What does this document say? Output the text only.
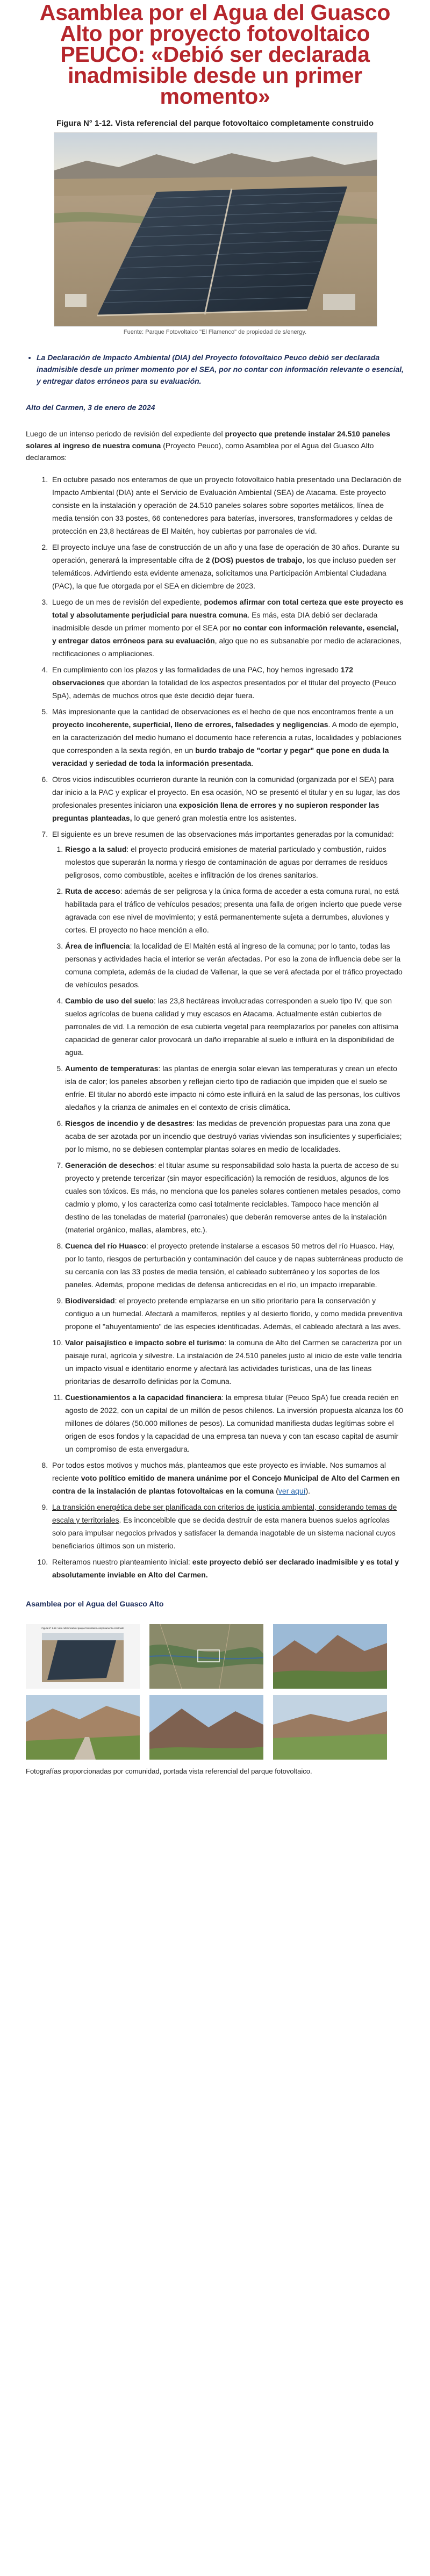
Asamblea por el Agua del Guasco Alto por proyecto fotovoltaico PEUCO: «Debió ser declarada inadmisible desde un primer momento»
Figura N° 1-12. Vista referencial del parque fotovoltaico completamente construido
Fuente: Parque Fotovoltaico "El Flamenco" de propiedad de s/energy.
• La Declaración de Impacto Ambiental (DIA) del Proyecto fotovoltaico Peuco debió ser declarada inadmisible desde un primer momento por el SEA, por no contar con información relevante o esencial, y entregar datos erróneos para su evaluación.
Alto del Carmen, 3 de enero de 2024

Luego de un intenso periodo de revisión del expediente del proyecto que pretende instalar 24.510 paneles solares al ingreso de nuestra comuna (Proyecto Peuco), como Asamblea por el Agua del Guasco Alto declaramos:

1. En octubre pasado nos enteramos de que un proyecto fotovoltaico había presentado una Declaración de Impacto Ambiental (DIA) ante el Servicio de Evaluación Ambiental (SEA) de Atacama. Este proyecto consiste en la instalación y operación de 24.510 paneles solares sobre soportes metálicos, línea de media tensión con 33 postes, 66 contenedores para baterías, inversores, transformadores y celdas de protección en 23,8 hectáreas de El Maitén, hoy cubiertas por parronales de vid.
2. El proyecto incluye una fase de construcción de un año y una fase de operación de 30 años. Durante su operación, generará la impresentable cifra de 2 (DOS) puestos de trabajo, los que incluso pueden ser telemáticos. Advirtiendo esta evidente amenaza, solicitamos una Participación Ambiental Ciudadana (PAC), la que fue otorgada por el SEA en diciembre de 2023.
3. Luego de un mes de revisión del expediente, podemos afirmar con total certeza que este proyecto es total y absolutamente perjudicial para nuestra comuna. Es más, esta DIA debió ser declarada inadmisible desde un primer momento por el SEA por no contar con información relevante, esencial, y entregar datos erróneos para su evaluación, algo que no es subsanable por medio de aclaraciones, rectificaciones o ampliaciones.
4. En cumplimiento con los plazos y las formalidades de una PAC, hoy hemos ingresado 172 observaciones que abordan la totalidad de los aspectos presentados por el titular del proyecto (Peuco SpA), además de muchos otros que éste decidió dejar fuera.
5. Más impresionante que la cantidad de observaciones es el hecho de que nos encontramos frente a un proyecto incoherente, superficial, lleno de errores, falsedades y negligencias. A modo de ejemplo, en la caracterización del medio humano el documento hace referencia a rutas, localidades y poblaciones que corresponden a la sexta región, en un burdo trabajo de "cortar y pegar" que pone en duda la veracidad y seriedad de toda la información presentada.
6. Otros vicios indiscutibles ocurrieron durante la reunión con la comunidad (organizada por el SEA) para dar inicio a la PAC y explicar el proyecto. En esa ocasión, NO se presentó el titular y en su lugar, las dos profesionales presentes iniciaron una exposición llena de errores y no supieron responder las preguntas planteadas, lo que generó gran molestia entre los asistentes.
7. El siguiente es un breve resumen de las observaciones más importantes generadas por la comunidad:
1. Riesgo a la salud: el proyecto producirá emisiones de material particulado y combustión, ruidos molestos que superarán la norma y riesgo de contaminación de aguas por derrames de residuos peligrosos, como combustible, aceites e infiltración de los drenes sanitarios.
2. Ruta de acceso: además de ser peligrosa y la única forma de acceder a esta comuna rural, no está habilitada para el tráfico de vehículos pesados; presenta una falla de origen incierto que puede verse agravada con ese nivel de movimiento; y está permanentemente sujeta a derrumbes, aluviones y cortes. El proyecto no hace mención a ello.
3. Área de influencia: la localidad de El Maitén está al ingreso de la comuna; por lo tanto, todas las personas y actividades hacia el interior se verán afectadas. Por eso la zona de influencia debe ser la comuna completa, además de la ciudad de Vallenar, la que se verá afectada por el tráfico proyectado de vehículos pesados.
4. Cambio de uso del suelo: las 23,8 hectáreas involucradas corresponden a suelo tipo IV, que son suelos agrícolas de buena calidad y muy escasos en Atacama. Actualmente están cubiertos de parronales de vid. La remoción de esa cubierta vegetal para reemplazarlos por paneles con altísima capacidad de generar calor provocará un daño irreparable al suelo e influirá en la disponibilidad de agua.
5. Aumento de temperaturas: las plantas de energía solar elevan las temperaturas y crean un efecto isla de calor; los paneles absorben y reflejan cierto tipo de radiación que impiden que el suelo se enfríe. El titular no abordó este impacto ni cómo este influirá en la salud de las personas, los cultivos aledaños y la crianza de animales en el contexto de crisis climática.
6. Riesgos de incendio y de desastres: las medidas de prevención propuestas para una zona que acaba de ser azotada por un incendio que destruyó varias viviendas son insuficientes y superficiales; por lo mismo, no se debiesen contemplar plantas solares en medio de localidades.
7. Generación de desechos: el titular asume su responsabilidad solo hasta la puerta de acceso de su proyecto y pretende tercerizar (sin mayor especificación) la remoción de residuos, algunos de los cuales son tóxicos. Es más, no menciona que los paneles solares contienen metales pesados, como cadmio y plomo, y los caracteriza como casi totalmente reciclables. Tampoco hace mención al destino de las toneladas de material (parronales) que deberán removerse antes de la instalación (material orgánico, mallas, alambres, etc.).
8. Cuenca del río Huasco: el proyecto pretende instalarse a escasos 50 metros del río Huasco. Hay, por lo tanto, riesgos de perturbación y contaminación del cauce y de napas subterráneas producto de su cercanía con las 33 postes de media tensión, el cableado subterráneo y los soportes de los paneles. Además, propone medidas de defensa anticrecidas en el río, un impacto irreparable.
9. Biodiversidad: el proyecto pretende emplazarse en un sitio prioritario para la conservación y contiguo a un humedal. Afectará a mamíferos, reptiles y al desierto florido, y como medida preventiva propone el "ahuyentamiento" de las especies identificadas. Además, el cableado afectará a las aves.
10. Valor paisajístico e impacto sobre el turismo: la comuna de Alto del Carmen se caracteriza por un paisaje rural, agrícola y silvestre. La instalación de 24.510 paneles justo al inicio de este valle tendría un impacto visual e identitario enorme y afectará las actividades turísticas, una de las líneas prioritarias de desarrollo definidas por la Comuna.
11. Cuestionamientos a la capacidad financiera: la empresa titular (Peuco SpA) fue creada recién en agosto de 2022, con un capital de un millón de pesos chilenos. La inversión propuesta alcanza los 60 millones de dólares (50.000 millones de pesos). La comunidad manifiesta dudas legítimas sobre el origen de esos fondos y la capacidad de una empresa tan nueva y con tan escaso capital de asumir un compromiso de esta envergadura.
8. Por todos estos motivos y muchos más, planteamos que este proyecto es inviable. Nos sumamos al reciente voto político emitido de manera unánime por el Concejo Municipal de Alto del Carmen en contra de la instalación de plantas fotovoltaicas en la comuna (ver aquí).
9. La transición energética debe ser planificada con criterios de justicia ambiental, considerando temas de escala y territoriales. Es inconcebible que se decida destruir de esta manera buenos suelos agrícolas solo para impulsar negocios privados y satisfacer la demanda inagotable de un sistema nacional cuyos beneficiarios últimos son un misterio.
10. Reiteramos nuestro planteamiento inicial: este proyecto debió ser declarado inadmisible y es total y absolutamente inviable en Alto del Carmen.
Asamblea por el Agua del Guasco Alto
Figura N° 1-12. Vista referencial del parque fotovoltaico completamente construido
Fotografías proporcionadas por comunidad, portada vista referencial del parque fotovoltaico.
